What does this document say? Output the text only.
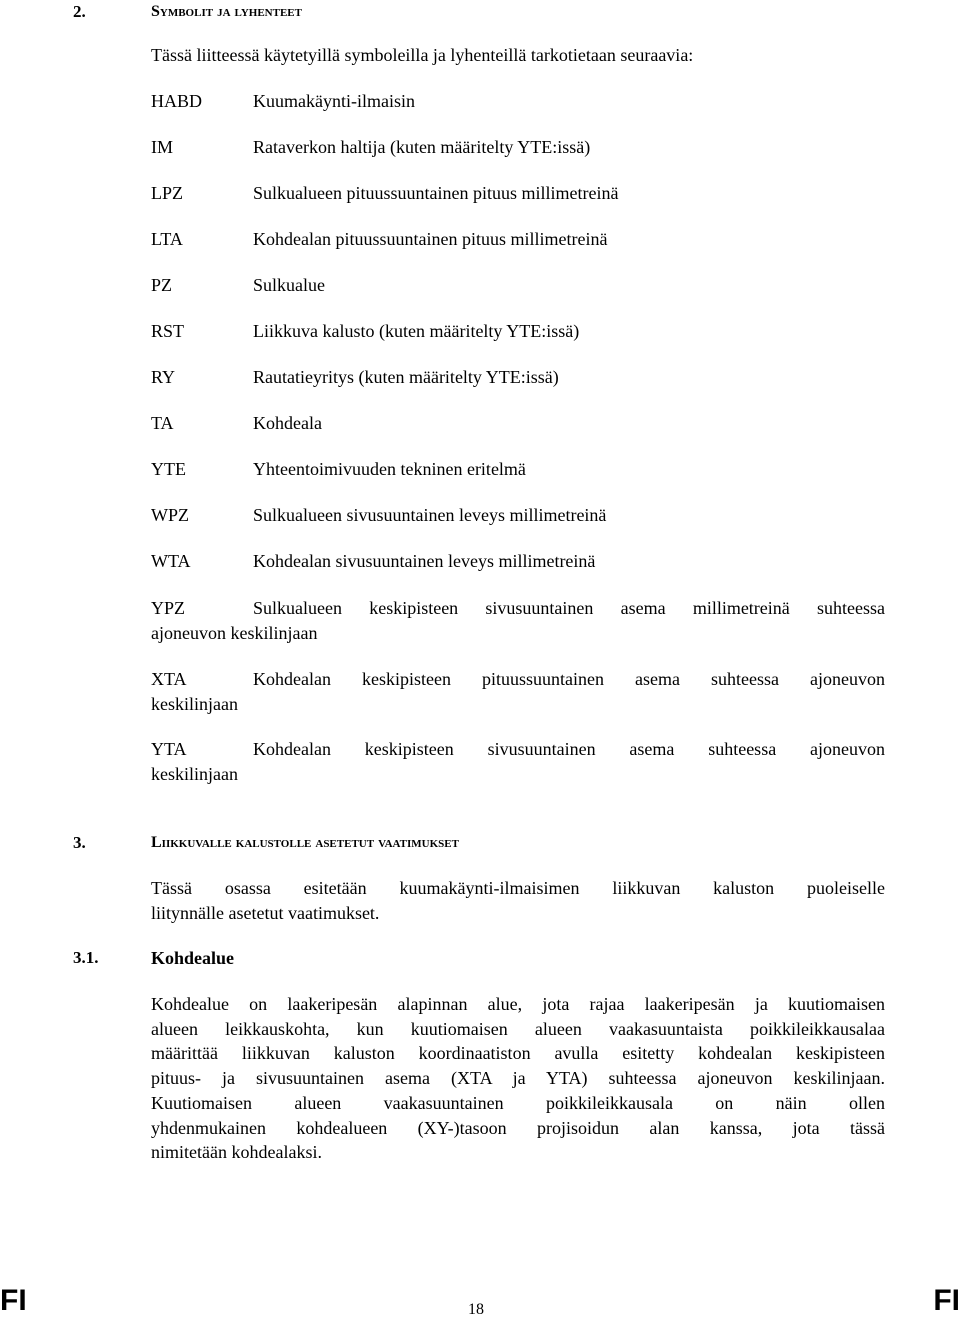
2.	Symbolit ja lyhenteet
Tässä liitteessä käytetyillä symboleilla ja lyhenteillä tarkotietaan seuraavia:
HABD	Kuumakäynti-ilmaisin
IM	Rataverkon haltija (kuten määritelty YTE:issä)
LPZ	Sulkualueen pituussuuntainen pituus millimetreinä
LTA	Kohdealan pituussuuntainen pituus millimetreinä
PZ	Sulkualue
RST	Liikkuva kalusto (kuten määritelty YTE:issä)
RY	Rautatieyritys (kuten määritelty YTE:issä)
TA	Kohdeala
YTE	Yhteentoimivuuden tekninen eritelmä
WPZ	Sulkualueen sivusuuntainen leveys millimetreinä
WTA	Kohdealan sivusuuntainen leveys millimetreinä
YPZ	Sulkualueen keskipisteen sivusuuntainen asema millimetreinä suhteessa
ajoneuvon keskilinjaan
XTA	Kohdealan keskipisteen pituussuuntainen asema suhteessa ajoneuvon
keskilinjaan
YTA	Kohdealan keskipisteen sivusuuntainen asema suhteessa ajoneuvon
keskilinjaan
3.	Liikkuvalle kalustolle asetetut vaatimukset
Tässä osassa esitetään kuumakäynti-ilmaisimen liikkuvan kaluston puoleiselle
liitynnälle asetetut vaatimukset.
3.1.	Kohdealue
Kohdealue on laakeripesän alapinnan alue, jota rajaa laakeripesän ja kuutiomaisen
alueen leikkauskohta, kun kuutiomaisen alueen vaakasuuntaista poikkileikkausalaa
määrittää liikkuvan kaluston koordinaatiston avulla esitetty kohdealan keskipisteen
pituus- ja sivusuuntainen asema (XTA ja YTA) suhteessa ajoneuvon keskilinjaan.
Kuutiomaisen alueen vaakasuuntainen poikkileikkausala on näin ollen
yhdenmukainen kohdealueen (XY-)tasoon projisoidun alan kanssa, jota tässä
nimitetään kohdealaksi.
FI	18	FI
